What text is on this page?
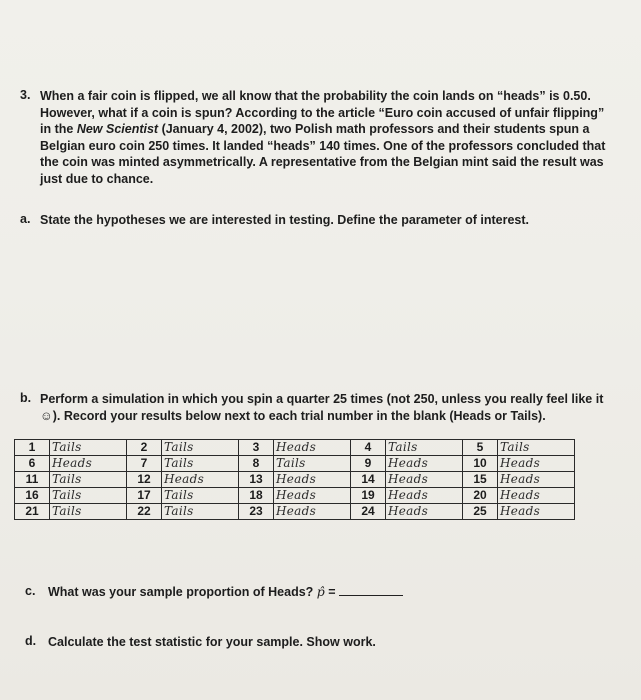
3. When a fair coin is flipped, we all know that the probability the coin lands on “heads” is 0.50. However, what if a coin is spun? According to the article “Euro coin accused of unfair flipping” in the New Scientist (January 4, 2002), two Polish math professors and their students spun a Belgian euro coin 250 times. It landed “heads” 140 times. One of the professors concluded that the coin was minted asymmetrically. A representative from the Belgian mint said the result was just due to chance.

a. State the hypotheses we are interested in testing. Define the parameter of interest.
b. Perform a simulation in which you spin a quarter 25 times (not 250, unless you really feel like it ☺). Record your results below next to each trial number in the blank (Heads or Tails).
1	Tails	2	Tails	3	Heads	4	Tails	5	Tails
6	Heads	7	Tails	8	Tails	9	Heads	10	Heads
11	Tails	12	Heads	13	Heads	14	Heads	15	Heads
16	Tails	17	Tails	18	Heads	19	Heads	20	Heads
21	Tails	22	Tails	23	Heads	24	Heads	25	Heads
c. What was your sample proportion of Heads? p̂ =
d. Calculate the test statistic for your sample. Show work.
